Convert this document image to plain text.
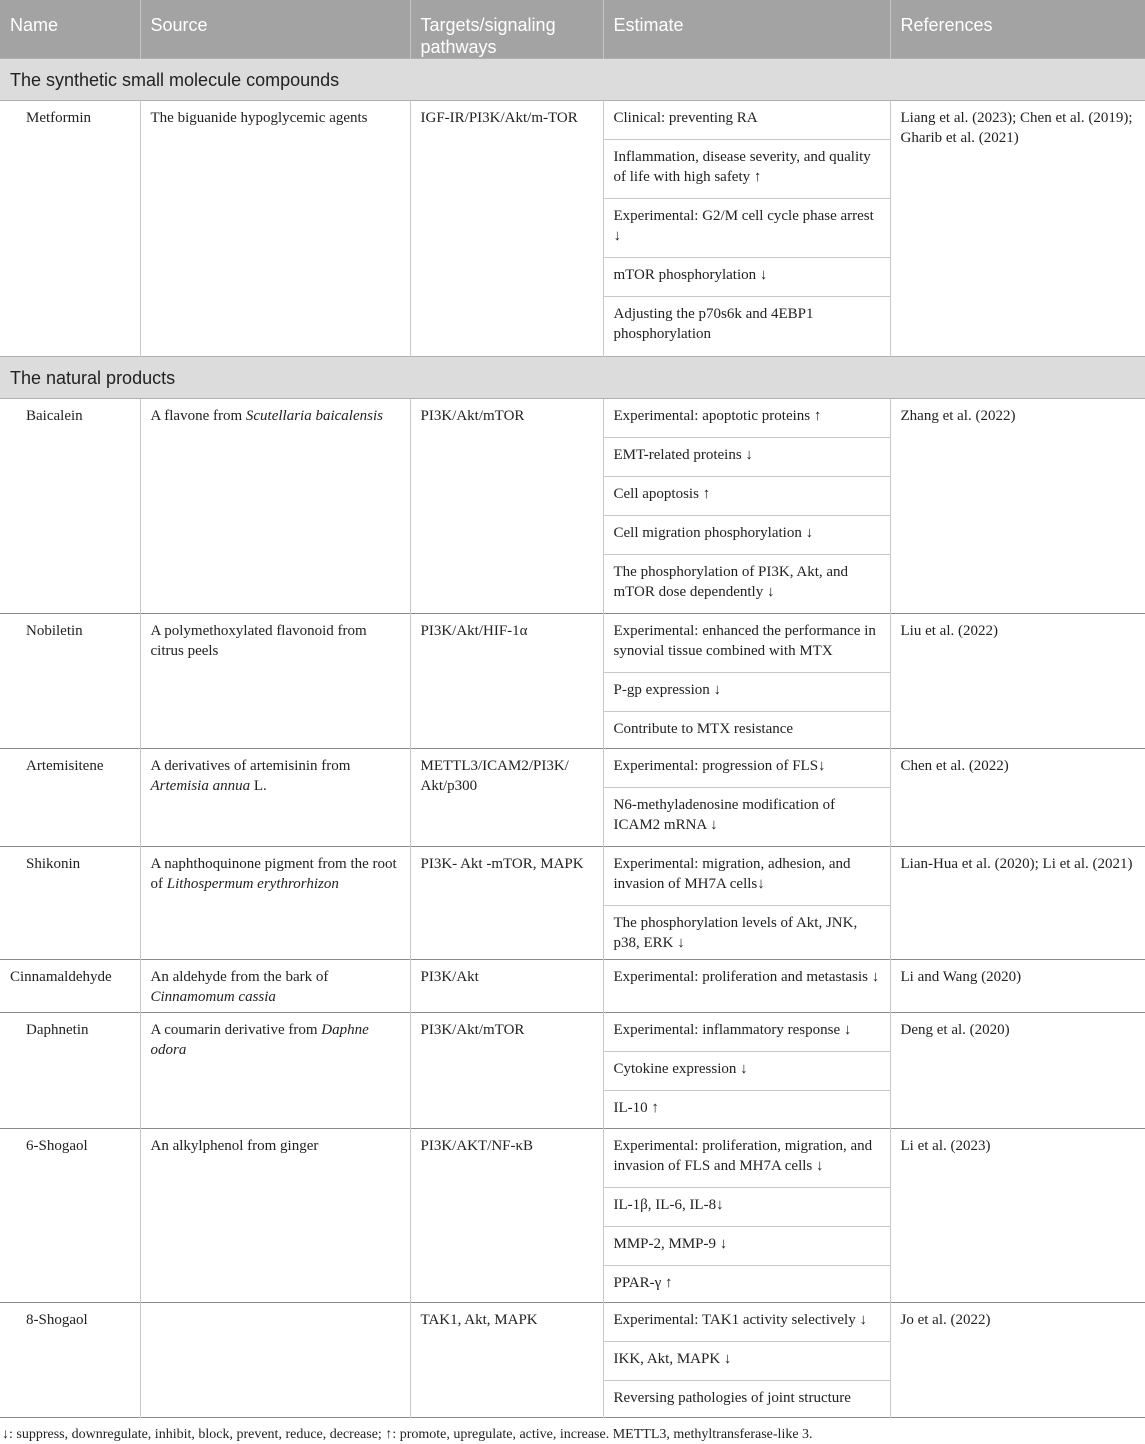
Name	Source	Targets/signaling pathways	Estimate	References
The synthetic small molecule compounds				
Metformin	The biguanide hypoglycemic agents	IGF-IR/PI3K/Akt/m-TOR	Clinical: preventing RA
Inflammation, disease severity, and quality of life with high safety ↑
Experimental: G2/M cell cycle phase arrest ↓
mTOR phosphorylation ↓
Adjusting the p70s6k and 4EBP1 phosphorylation	Liang et al. (2023); Chen et al. (2019); Gharib et al. (2021)
The natural products				
Baicalein	A flavone from Scutellaria baicalensis	PI3K/Akt/mTOR	Experimental: apoptotic proteins ↑
EMT-related proteins ↓
Cell apoptosis ↑
Cell migration phosphorylation ↓
The phosphorylation of PI3K, Akt, and mTOR dose dependently ↓	Zhang et al. (2022)
Nobiletin	A polymethoxylated flavonoid from citrus peels	PI3K/Akt/HIF-1α	Experimental: enhanced the performance in synovial tissue combined with MTX
P-gp expression ↓
Contribute to MTX resistance	Liu et al. (2022)
Artemisitene	A derivatives of artemisinin from Artemisia annua L.	METTL3/ICAM2/PI3K/ Akt/p300	Experimental: progression of FLS↓
N6-methyladenosine modification of ICAM2 mRNA ↓	Chen et al. (2022)
Shikonin	A naphthoquinone pigment from the root of Lithospermum erythrorhizon	PI3K- Akt -mTOR, MAPK	Experimental: migration, adhesion, and invasion of MH7A cells↓
The phosphorylation levels of Akt, JNK, p38, ERK ↓	Lian-Hua et al. (2020); Li et al. (2021)
Cinnamaldehyde	An aldehyde from the bark of Cinnamomum cassia	PI3K/Akt	Experimental: proliferation and metastasis ↓	Li and Wang (2020)
Daphnetin	A coumarin derivative from Daphne odora	PI3K/Akt/mTOR	Experimental: inflammatory response ↓
Cytokine expression ↓
IL-10 ↑	Deng et al. (2020)
6-Shogaol	An alkylphenol from ginger	PI3K/AKT/NF-κB	Experimental: proliferation, migration, and invasion of FLS and MH7A cells ↓
IL-1β, IL-6, IL-8↓
MMP-2, MMP-9 ↓
PPAR-γ ↑	Li et al. (2023)
8-Shogaol		TAK1, Akt, MAPK	Experimental: TAK1 activity selectively ↓
IKK, Akt, MAPK ↓
Reversing pathologies of joint structure	Jo et al. (2022)
↓: suppress, downregulate, inhibit, block, prevent, reduce, decrease; ↑: promote, upregulate, active, increase. METTL3, methyltransferase-like 3.
